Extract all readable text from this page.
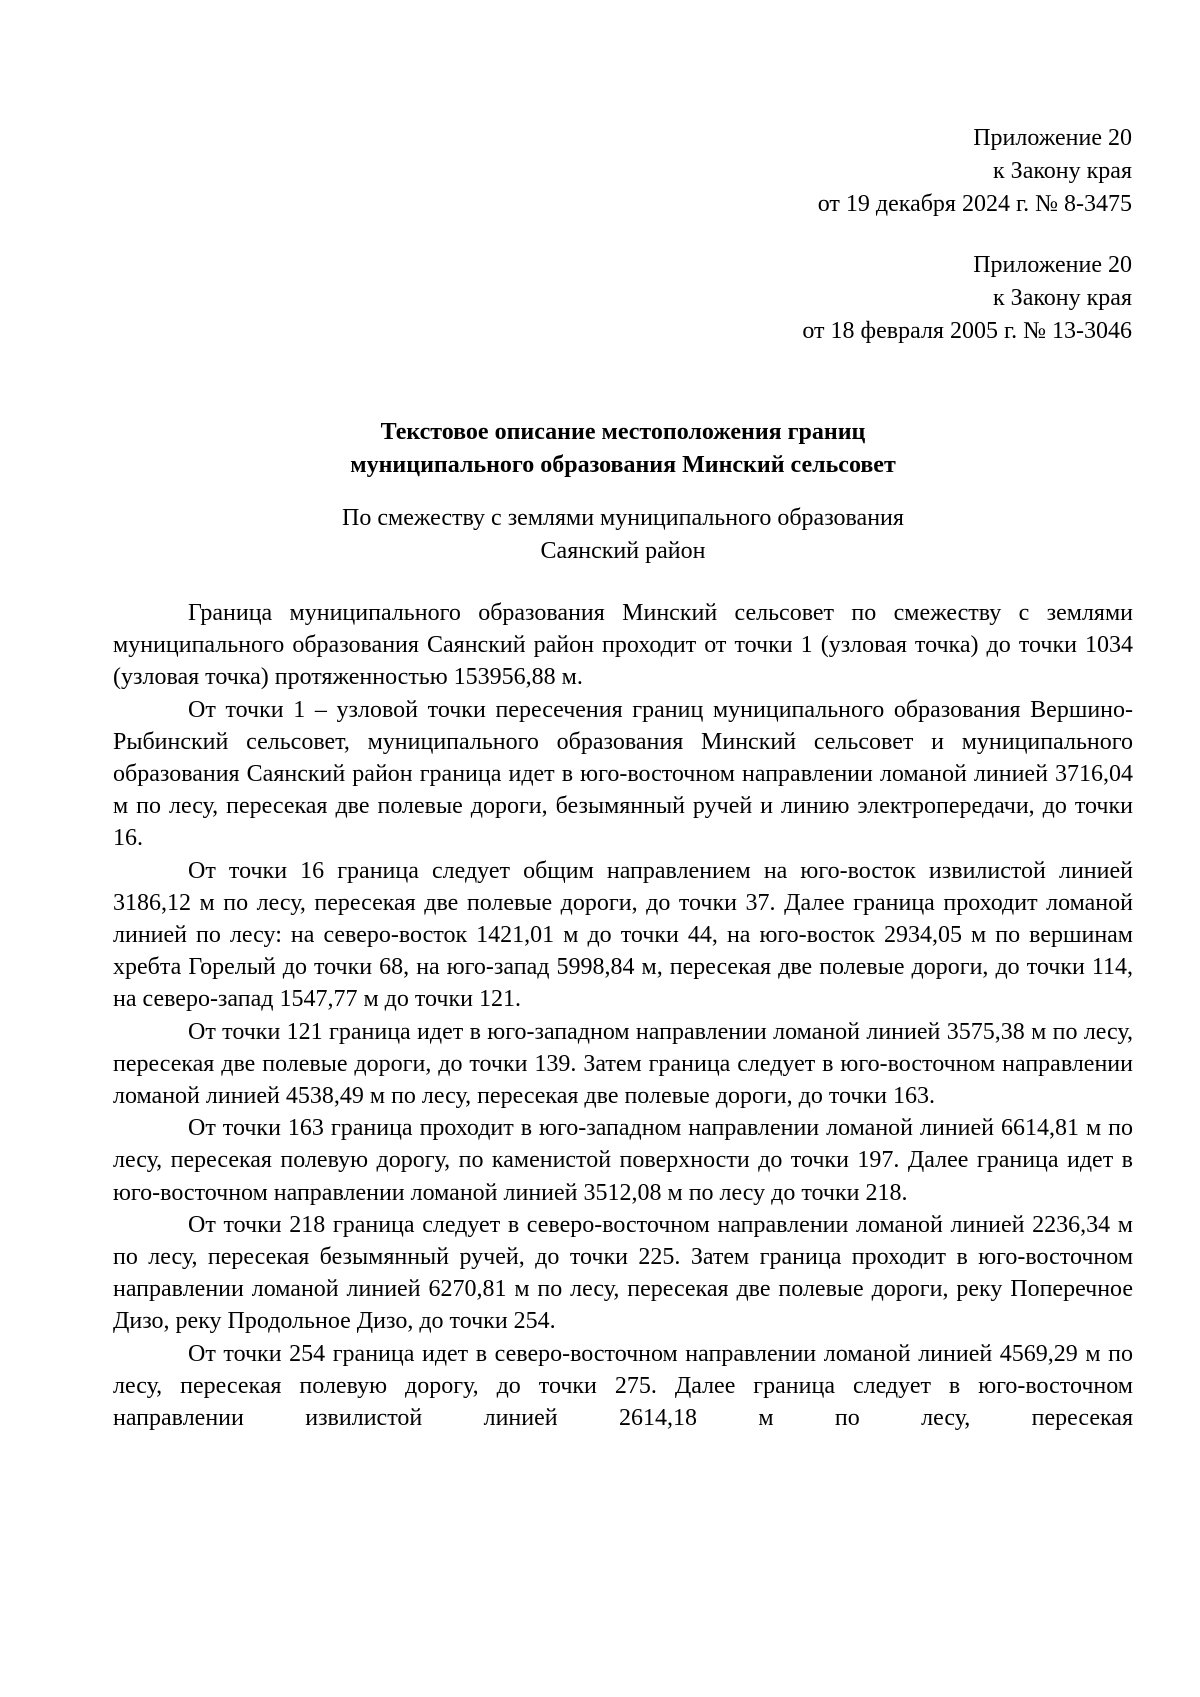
Приложение 20
к Закону края
от 19 декабря 2024 г. № 8-3475
Приложение 20
к Закону края
от 18 февраля 2005 г. № 13-3046
Текстовое описание местоположения границ
муниципального образования Минский сельсовет
По смежеству с землями муниципального образования
Саянский район

Граница муниципального образования Минский сельсовет по смежеству с землями муниципального образования Саянский район проходит от точки 1 (узловая точка) до точки 1034 (узловая точка) протяженностью 153956,88 м.

От точки 1 – узловой точки пересечения границ муниципального образования Вершино-Рыбинский сельсовет, муниципального образования Минский сельсовет и муниципального образования Саянский район граница идет в юго-восточном направлении ломаной линией 3716,04 м по лесу, пересекая две полевые дороги, безымянный ручей и линию электропередачи, до точки 16.

От точки 16 граница следует общим направлением на юго-восток извилистой линией 3186,12 м по лесу, пересекая две полевые дороги, до точки 37. Далее граница проходит ломаной линией по лесу: на северо-восток 1421,01 м до точки 44, на юго-восток 2934,05 м по вершинам хребта Горелый до точки 68, на юго-запад 5998,84 м, пересекая две полевые дороги, до точки 114, на северо-запад 1547,77 м до точки 121.

От точки 121 граница идет в юго-западном направлении ломаной линией 3575,38 м по лесу, пересекая две полевые дороги, до точки 139. Затем граница следует в юго-восточном направлении ломаной линией 4538,49 м по лесу, пересекая две полевые дороги, до точки 163.

От точки 163 граница проходит в юго-западном направлении ломаной линией 6614,81 м по лесу, пересекая полевую дорогу, по каменистой поверхности до точки 197. Далее граница идет в юго-восточном направлении ломаной линией 3512,08 м по лесу до точки 218.

От точки 218 граница следует в северо-восточном направлении ломаной линией 2236,34 м по лесу, пересекая безымянный ручей, до точки 225. Затем граница проходит в юго-восточном направлении ломаной линией 6270,81 м по лесу, пересекая две полевые дороги, реку Поперечное Дизо, реку Продольное Дизо, до точки 254.

От точки 254 граница идет в северо-восточном направлении ломаной линией 4569,29 м по лесу, пересекая полевую дорогу, до точки 275. Далее граница следует в юго-восточном направлении извилистой линией 2614,18 м по лесу, пересекая
